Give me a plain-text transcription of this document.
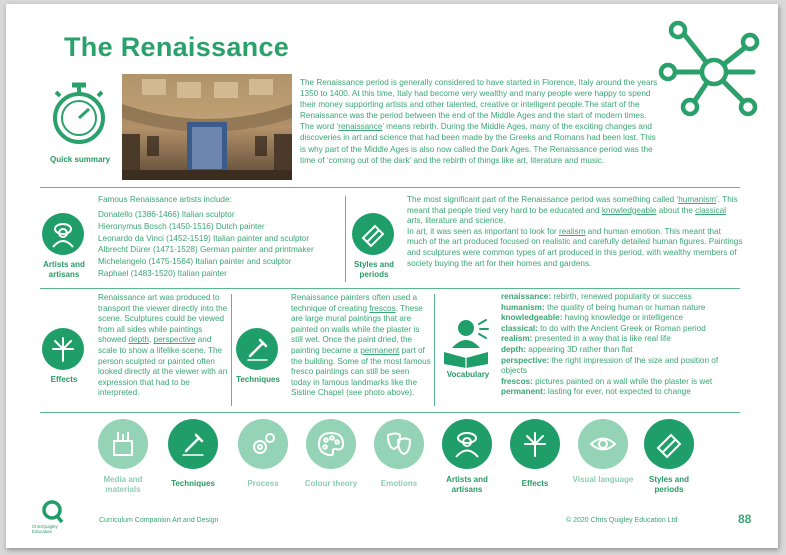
The Renaissance
Quick summary
The Renaissance period is generally considered to have started in Florence, Italy around the years 1350 to 1400. At this time, Italy had become very wealthy and many people were happy to spend their money supporting artists and other talented, creative or intelligent people.The start of the Renaissance was the period between the end of the Middle Ages and the start of modern times. The word ‘renaissance’ means rebirth. During the Middle Ages, many of the exciting changes and discoveries in art and science that had been made by the Greeks and Romans had been lost. This is why part of the Middle Ages is also now called the Dark Ages. The Renaissance period was the time of ‘coming out of the dark’ and the rebirth of things like art, literature and music.
Artists and artisans
Famous Renaissance artists include:
Donatello (1386-1466) Italian sculptor
Hieronymus Bosch (1450-1516) Dutch painter
Leonardo da Vinci (1452-1519) Italian painter and sculptor
Albrecht Dürer (1471-1528) German painter and printmaker
Michelangelo (1475-1564) Italian painter and sculptor
Raphael (1483-1520) Italian painter
Styles and periods
The most significant part of the Renaissance period was something called ‘humanism’. This meant that people tried very hard to be educated and knowledgeable about the classical arts, literature and science.
In art, it was seen as important to look for realism and human emotion. This meant that much of the art produced focused on realistic and carefully detailed human figures. Paintings and sculptures were common types of art produced in this period, with wealthy members of society buying the art for their homes and gardens.
Effects
Renaissance art was produced to transport the viewer directly into the scene. Sculptures could be viewed from all sides while paintings showed depth, perspective and scale to show a lifelike scene. The person sculpted or painted often looked directly at the viewer with an expression that had to be interpreted.
Techniques
Renaissance painters often used a technique of creating frescos. These are large mural paintings that are painted on walls while the plaster is still wet. Once the paint dried, the painting became a permanent part of the building. Some of the most famous fresco paintings can still be seen today in famous landmarks like the Sistine Chapel (see photo above).
Vocabulary
renaissance: rebirth, renewed popularity or success
humanism: the quality of being human or human nature
knowledgeable: having knowledge or intelligence
classical: to do with the Ancient Greek or Roman period
realism: presented in a way that is like real life
depth: appearing 3D rather than flat
perspective: the right impression of the size and position of objects
frescos: pictures painted on a wall while the plaster is wet
permanent: lasting for ever, not expected to change
Media and materials
Techniques	Process	Colour theory	Emotions	Artists and artisans
Effects	Visual language	Styles and periods
ChrisQuigley Education
Curriculum Companion Art and Design	© 2020 Chris Quigley Education Ltd	88
